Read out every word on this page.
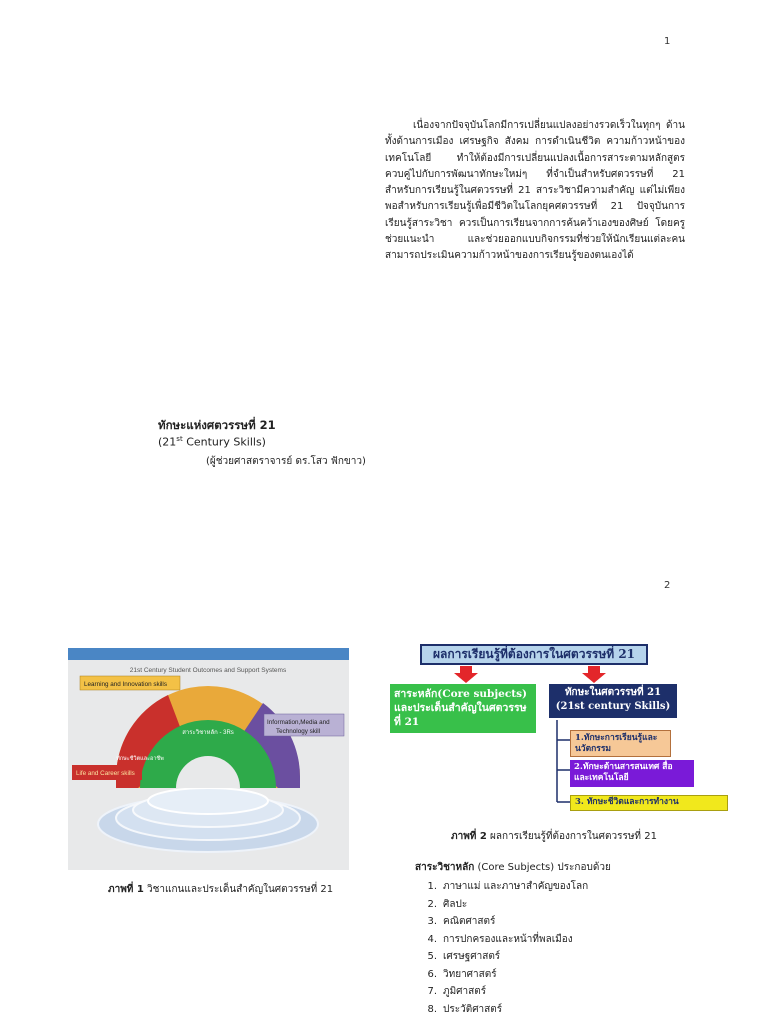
1
เนื่องจากปัจจุบันโลกมีการเปลี่ยนแปลงอย่างรวดเร็วในทุกๆ ด้าน ทั้งด้านการเมือง เศรษฐกิจ สังคม การดำเนินชีวิต ความก้าวหน้าของเทคโนโลยี ทำให้ต้องมีการเปลี่ยนแปลงเนื้อการสาระตามหลักสูตรควบคู่ไปกับการพัฒนาทักษะใหม่ๆ ที่จำเป็นสำหรับศตวรรษที่ 21 สำหรับการเรียนรู้ในศตวรรษที่ 21 สาระวิชามีความสำคัญ แต่ไม่เพียงพอสำหรับการเรียนรู้เพื่อมีชีวิตในโลกยุคศตวรรษที่ 21 ปัจจุบันการเรียนรู้สาระวิชา ควรเป็นการเรียนจากการค้นคว้าเองของศิษย์ โดยครูช่วยแนะนำ และช่วยออกแบบกิจกรรมที่ช่วยให้นักเรียนแต่ละคนสามารถประเมินความก้าวหน้าของการเรียนรู้ของตนเองได้
ทักษะแห่งศตวรรษที่ 21
(21st Century Skills)
(ผู้ช่วยศาสตราจารย์ ดร.โสว ฟักขาว)
2
21st Century Student Outcomes and Support Systems
สาระวิชาหลัก - 3Rs
ทักษะชีวิตและอาชีพ
Learning and Innovation skills
Information,Media and Technology skill
Life and Career skills
ภาพที่ 1 วิชาแกนและประเด็นสำคัญในศตวรรษที่ 21
ผลการเรียนรู้ที่ต้องการในศตวรรษที่ 21
สาระหลัก(Core subjects) และประเด็นสำคัญในศตวรรษที่ 21
ทักษะในศตวรรษที่ 21
(21st century Skills)
1.ทักษะการเรียนรู้และนวัตกรรม
2.ทักษะด้านสารสนเทศ สื่อ และเทคโนโลยี
3. ทักษะชีวิตและการทำงาน
ภาพที่ 2 ผลการเรียนรู้ที่ต้องการในศตวรรษที่ 21
สาระวิชาหลัก (Core Subjects) ประกอบด้วย
1. ภาษาแม่ และภาษาสำคัญของโลก
2. ศิลปะ
3. คณิตศาสตร์
4. การปกครองและหน้าที่พลเมือง
5. เศรษฐศาสตร์
6. วิทยาศาสตร์
7. ภูมิศาสตร์
8. ประวัติศาสตร์
